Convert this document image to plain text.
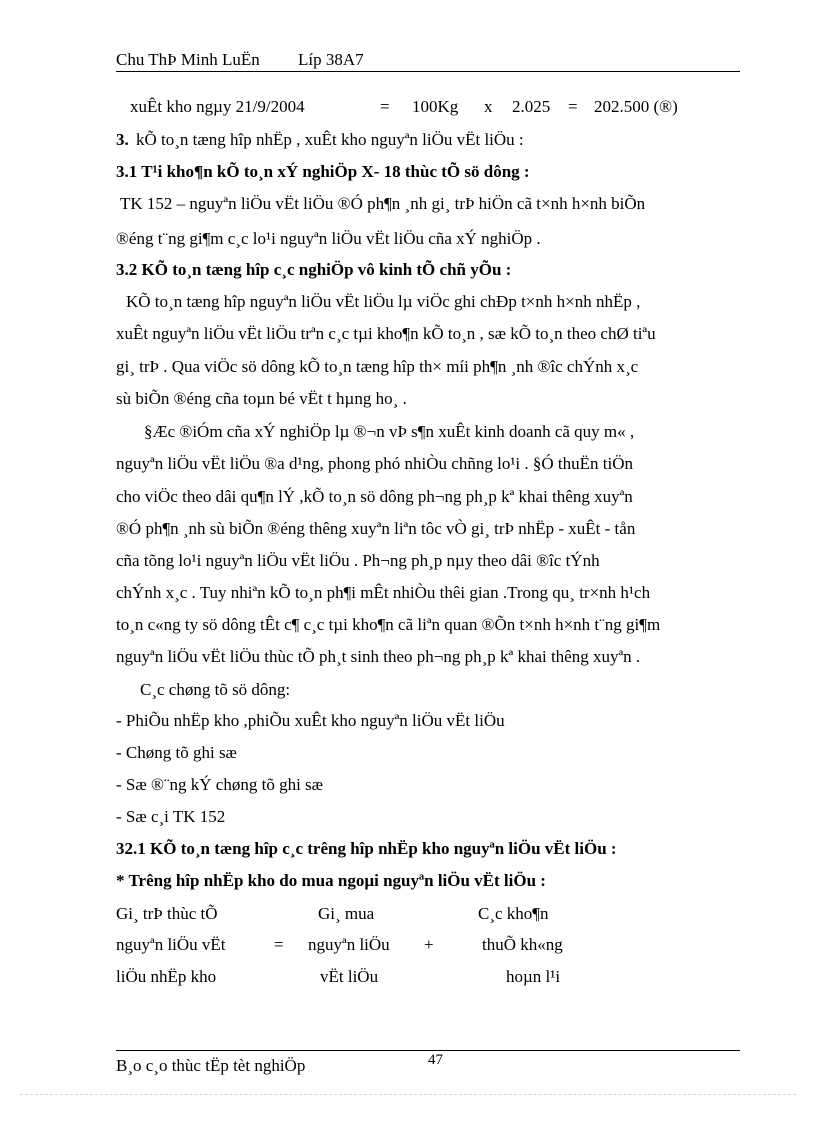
Chu ThÞ Minh LuËn Líp 38A7
xuÊt kho ngµy 21/9/2004	= 100Kg x 2.025 = 202.500 (®)
3. kÕ to¸n tæng hîp nhËp , xuÊt kho nguyªn liÖu vËt liÖu :
3.1 T¹i kho¶n kÕ to¸n xÝ nghiÖp X- 18 thùc tÕ sö dông :
TK 152 – nguyªn liÖu vËt liÖu ®Ó ph¶n ¸nh gi¸ trÞ hiÖn cã t×nh h×nh biÕn
®éng t¨ng gi¶m c¸c lo¹i nguyªn liÖu vËt liÖu cña xÝ nghiÖp .
3.2 KÕ to¸n tæng hîp c¸c nghiÖp vô kinh tÕ chñ yÕu :
KÕ to¸n tæng hîp nguyªn liÖu vËt liÖu lµ viÖc ghi chÐp t×nh h×nh nhËp ,
xuÊt nguyªn liÖu vËt liÖu trªn c¸c tµi kho¶n kÕ to¸n , sæ kÕ to¸n theo chØ tiªu
gi¸ trÞ . Qua viÖc sö dông kÕ to¸n tæng hîp th× míi ph¶n ¸nh ®îc chÝnh x¸c
sù biÕn ®éng cña toµn bé vËt t hµng ho¸ .
§Æc ®iÓm cña xÝ nghiÖp lµ ®¬n vÞ s¶n xuÊt kinh doanh cã quy m« ,
nguyªn liÖu vËt liÖu ®a d¹ng, phong phó nhiÒu chñng lo¹i . §Ó thuËn tiÖn
cho viÖc theo dâi qu¶n lÝ ,kÕ to¸n sö dông ph¬ng ph¸p kª khai thêng xuyªn
®Ó ph¶n ¸nh sù biÕn ®éng thêng xuyªn liªn tôc vÒ gi¸ trÞ nhËp - xuÊt - tån
cña tõng lo¹i nguyªn liÖu vËt liÖu . Ph¬ng ph¸p nµy theo dâi ®îc tÝnh
chÝnh x¸c . Tuy nhiªn kÕ to¸n ph¶i mÊt nhiÒu thêi gian .Trong qu¸ tr×nh h¹ch
to¸n c«ng ty sö dông tÊt c¶ c¸c tµi kho¶n cã liªn quan ®Õn t×nh h×nh t¨ng gi¶m
nguyªn liÖu vËt liÖu thùc tÕ ph¸t sinh theo ph¬ng ph¸p kª khai thêng xuyªn .
C¸c chøng tõ sö dông:
- PhiÕu nhËp kho ,phiÕu xuÊt kho nguyªn liÖu vËt liÖu
- Chøng tõ ghi sæ
- Sæ ®¨ng kÝ chøng tõ ghi sæ
- Sæ c¸i TK 152
32.1 KÕ to¸n tæng hîp c¸c trêng hîp nhËp kho nguyªn liÖu vËt liÖu :
* Trêng hîp nhËp kho do mua ngoµi nguyªn liÖu vËt liÖu :
Gi¸ trÞ thùc tÕ	Gi¸ mua	C¸c kho¶n
nguyªn liÖu vËt	= nguyªn liÖu +	thuÕ kh«ng
liÖu nhËp kho	vËt liÖu	hoµn l¹i
B¸o c¸o thùc tËp tèt nghiÖp	47
